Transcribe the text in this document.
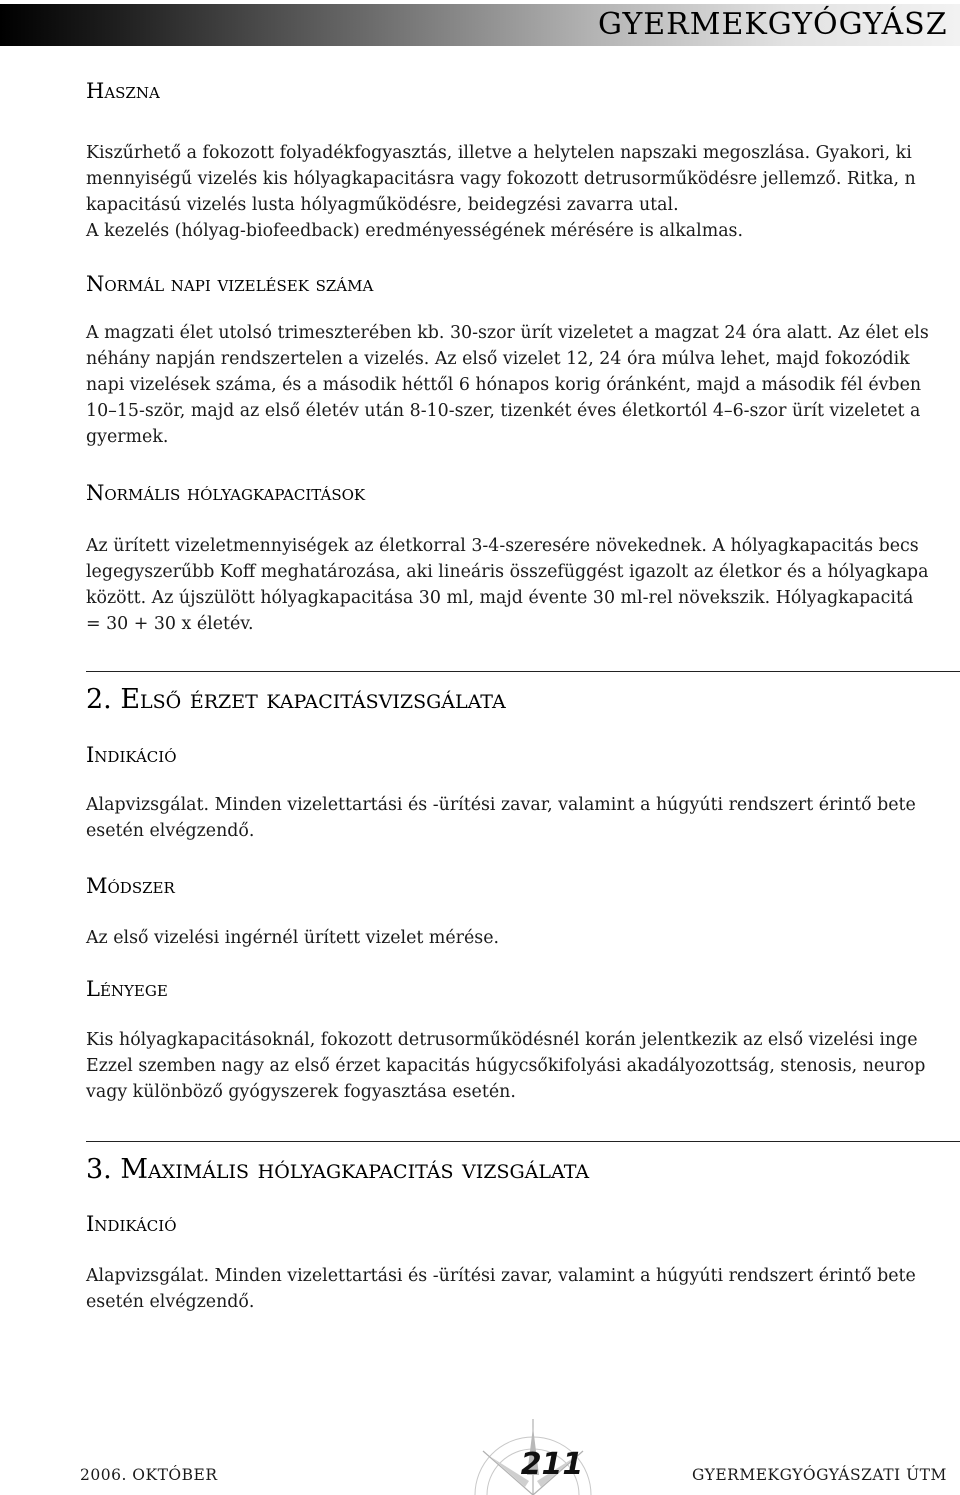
GYERMEKGYÓGYÁSZ
Haszna

Kiszűrhető a fokozott folyadékfogyasztás, illetve a helytelen napszaki megoszlása. Gyakori, ki
mennyiségű vizelés kis hólyagkapacitásra vagy fokozott detrusorműködésre jellemző. Ritka, n
kapacitású vizelés lusta hólyagműködésre, beidegzési zavarra utal.
A kezelés (hólyag-biofeedback) eredményességének mérésére is alkalmas.

Normál napi vizelések száma

A magzati élet utolsó trimeszterében kb. 30-szor ürít vizeletet a magzat 24 óra alatt. Az élet els
néhány napján rendszertelen a vizelés. Az első vizelet 12, 24 óra múlva lehet, majd fokozódik
napi vizelések száma, és a második héttől 6 hónapos korig óránként, majd a második fél évben
10–15-ször, majd az első életév után 8-10-szer, tizenkét éves életkortól 4–6-szor ürít vizeletet a
gyermek.

Normális hólyagkapacitások

Az ürített vizeletmennyiségek az életkorral 3-4-szeresére növekednek. A hólyagkapacitás becs
legegyszerűbb Koff meghatározása, aki lineáris összefüggést igazolt az életkor és a hólyagkapa
között. Az újszülött hólyagkapacitása 30 ml, majd évente 30 ml-rel növekszik. Hólyagkapacitá
= 30 + 30 x életév.

2. Első érzet kapacitásvizsgálata
Indikáció

Alapvizsgálat. Minden vizelettartási és -ürítési zavar, valamint a húgyúti rendszert érintő bete
esetén elvégzendő.

Módszer

Az első vizelési ingérnél ürített vizelet mérése.

Lényege

Kis hólyagkapacitásoknál, fokozott detrusorműködésnél korán jelentkezik az első vizelési inge
Ezzel szemben nagy az első érzet kapacitás húgycsőkifolyási akadályozottság, stenosis, neurop
vagy különböző gyógyszerek fogyasztása esetén.

3. Maximális hólyagkapacitás vizsgálata
Indikáció

Alapvizsgálat. Minden vizelettartási és -ürítési zavar, valamint a húgyúti rendszert érintő bete
esetén elvégzendő.

211
2006. OKTÓBER	GYERMEKGYÓGYÁSZATI ÚTM
